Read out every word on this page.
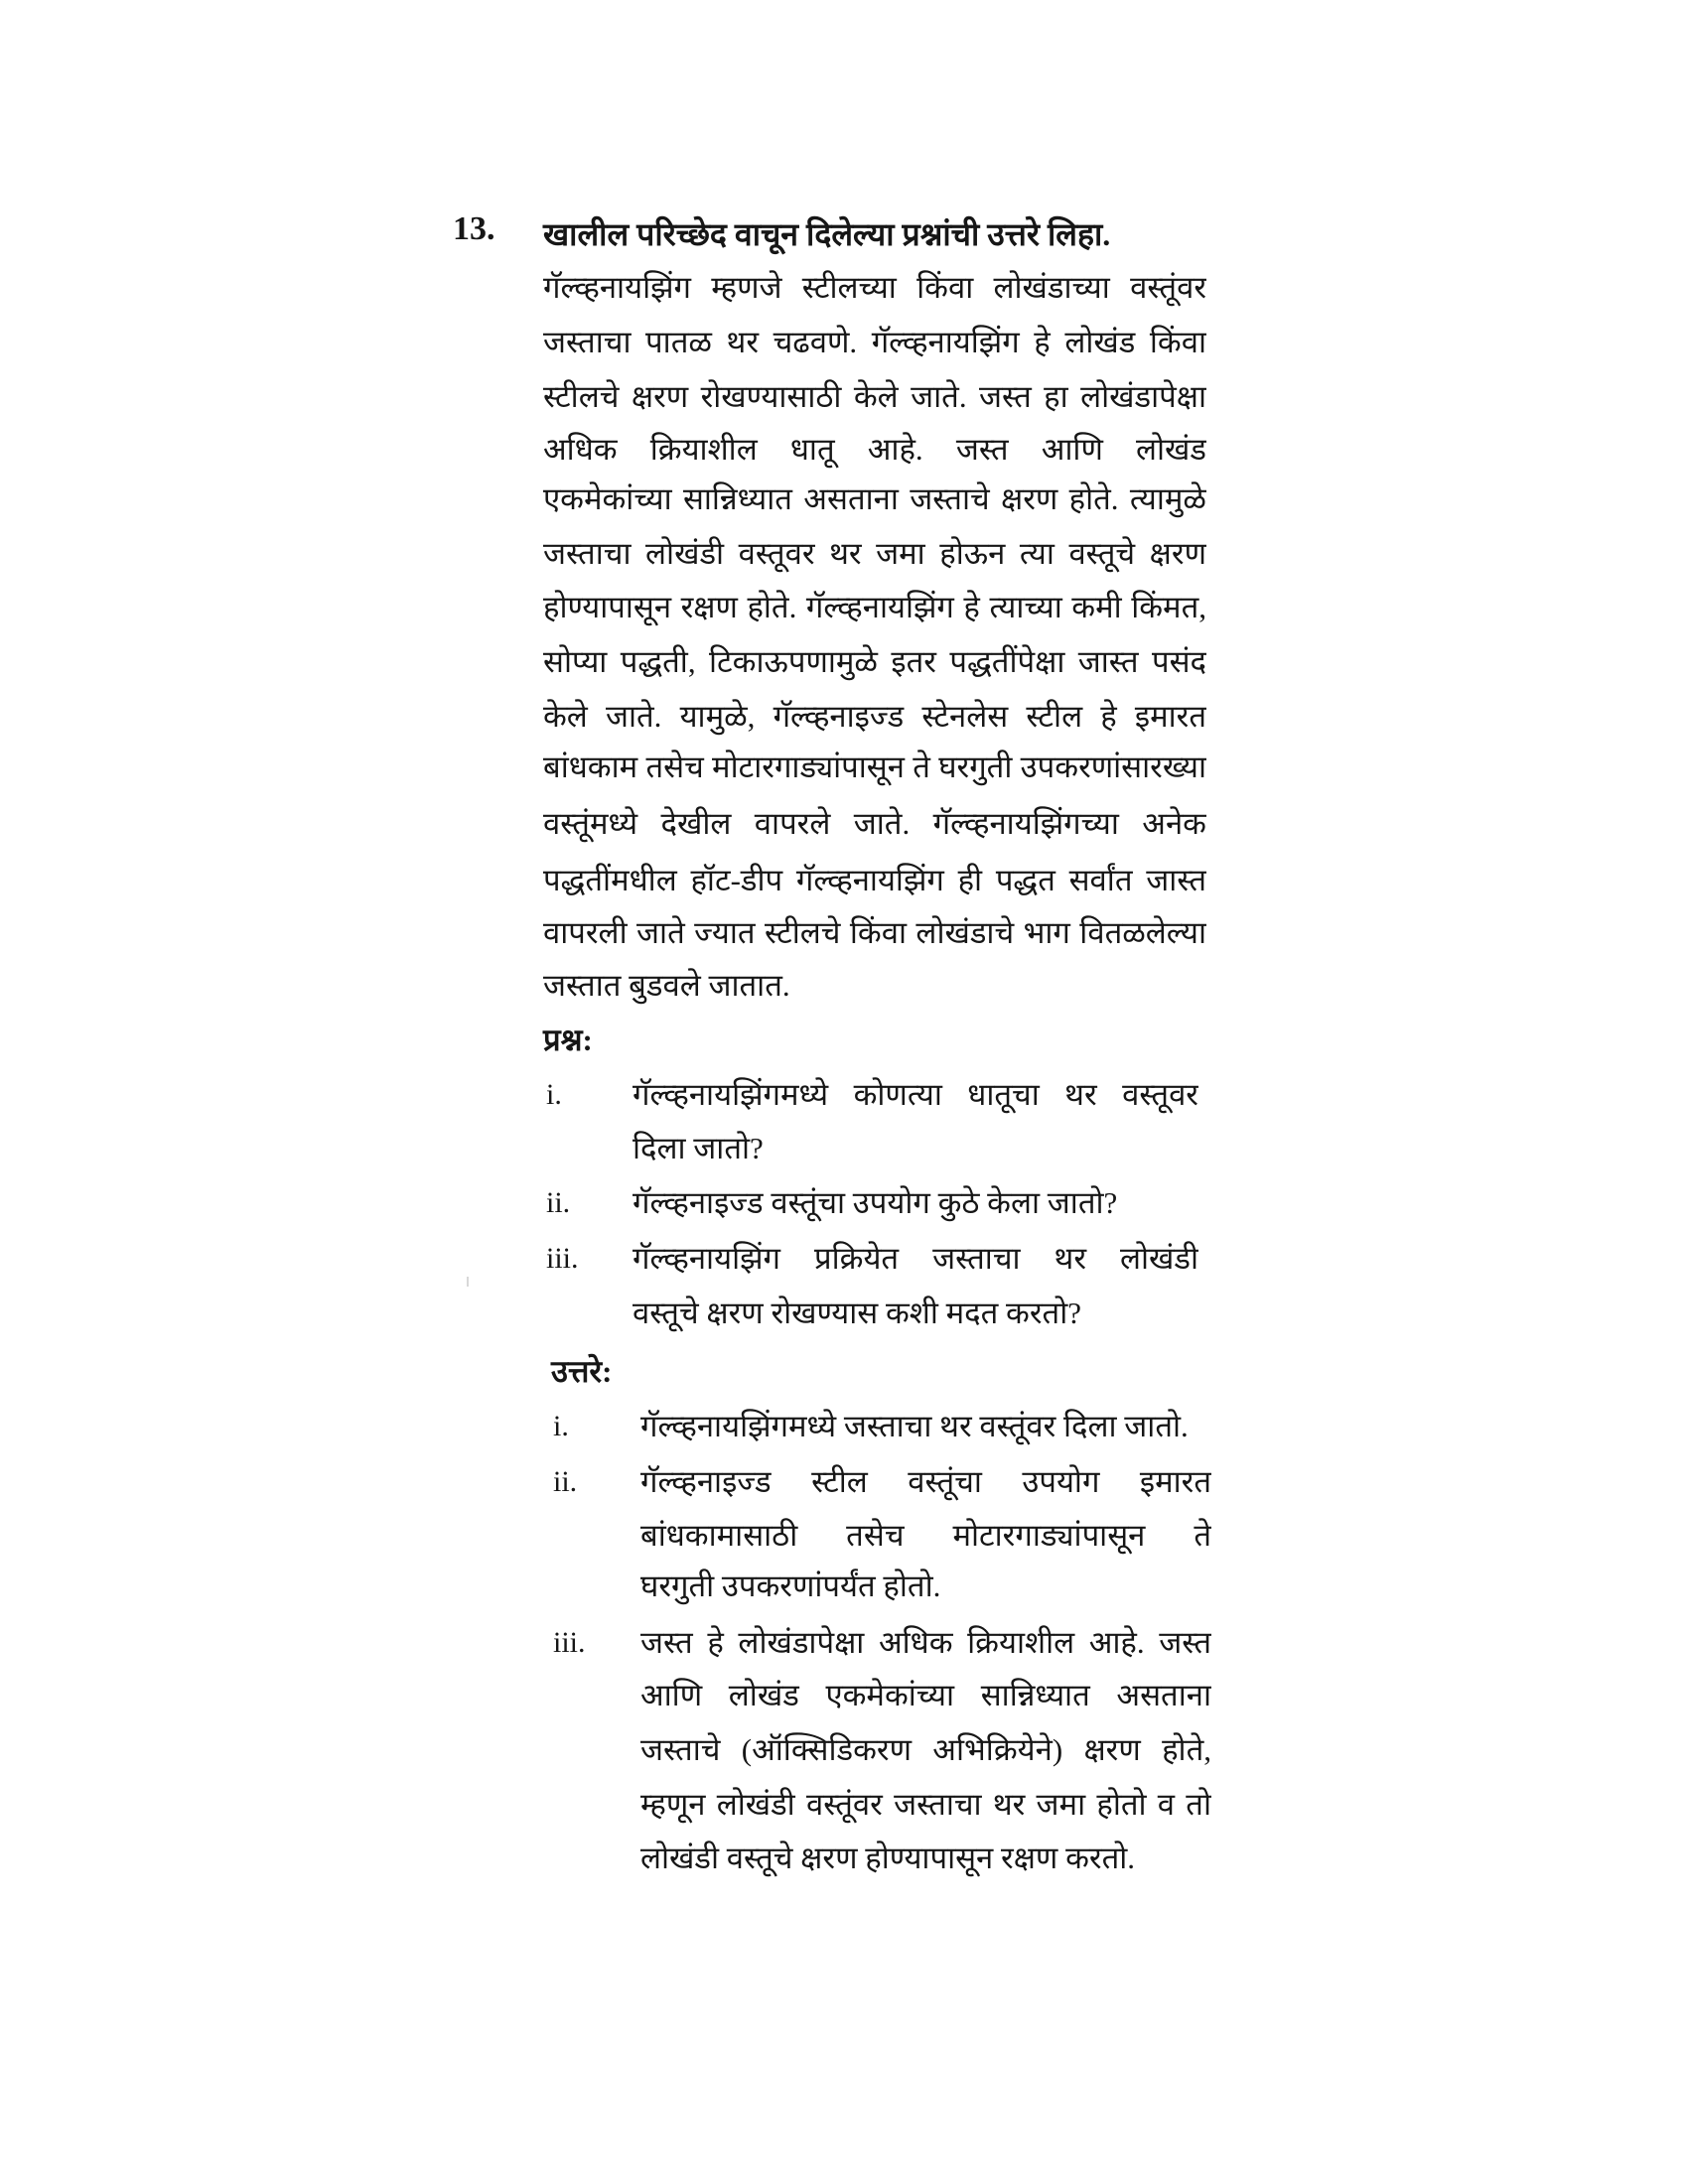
13. खालील परिच्छेद वाचून दिलेल्या प्रश्नांची उत्तरे लिहा.
गॅल्व्हनायझिंग म्हणजे स्टीलच्या किंवा लोखंडाच्या वस्तूंवर
जस्ताचा पातळ थर चढवणे. गॅल्व्हनायझिंग हे लोखंड किंवा
स्टीलचे क्षरण रोखण्यासाठी केले जाते. जस्त हा लोखंडापेक्षा
अधिक क्रियाशील धातू आहे. जस्त आणि लोखंड
एकमेकांच्या सान्निध्यात असताना जस्ताचे क्षरण होते. त्यामुळे
जस्ताचा लोखंडी वस्तूवर थर जमा होऊन त्या वस्तूचे क्षरण
होण्यापासून रक्षण होते. गॅल्व्हनायझिंग हे त्याच्या कमी किंमत,
सोप्या पद्धती, टिकाऊपणामुळे इतर पद्धतींपेक्षा जास्त पसंद
केले जाते. यामुळे, गॅल्व्हनाइज्ड स्टेनलेस स्टील हे इमारत
बांधकाम तसेच मोटारगाड्यांपासून ते घरगुती उपकरणांसारख्या
वस्तूंमध्ये देखील वापरले जाते. गॅल्व्हनायझिंगच्या अनेक
पद्धतींमधील हॉट-डीप गॅल्व्हनायझिंग ही पद्धत सर्वांत जास्त
वापरली जाते ज्यात स्टीलचे किंवा लोखंडाचे भाग वितळलेल्या
जस्तात बुडवले जातात.
प्रश्न:
i. गॅल्व्हनायझिंगमध्ये कोणत्या धातूचा थर वस्तूवर
दिला जातो?
ii. गॅल्व्हनाइज्ड वस्तूंचा उपयोग कुठे केला जातो?
iii. गॅल्व्हनायझिंग प्रक्रियेत जस्ताचा थर लोखंडी
वस्तूचे क्षरण रोखण्यास कशी मदत करतो?
उत्तरे:
i. गॅल्व्हनायझिंगमध्ये जस्ताचा थर वस्तूंवर दिला जातो.
ii. गॅल्व्हनाइज्ड स्टील वस्तूंचा उपयोग इमारत
बांधकामासाठी तसेच मोटारगाड्यांपासून ते
घरगुती उपकरणांपर्यंत होतो.
iii. जस्त हे लोखंडापेक्षा अधिक क्रियाशील आहे. जस्त
आणि लोखंड एकमेकांच्या सान्निध्यात असताना
जस्ताचे (ऑक्सिडिकरण अभिक्रियेने) क्षरण होते,
म्हणून लोखंडी वस्तूंवर जस्ताचा थर जमा होतो व तो
लोखंडी वस्तूचे क्षरण होण्यापासून रक्षण करतो.
